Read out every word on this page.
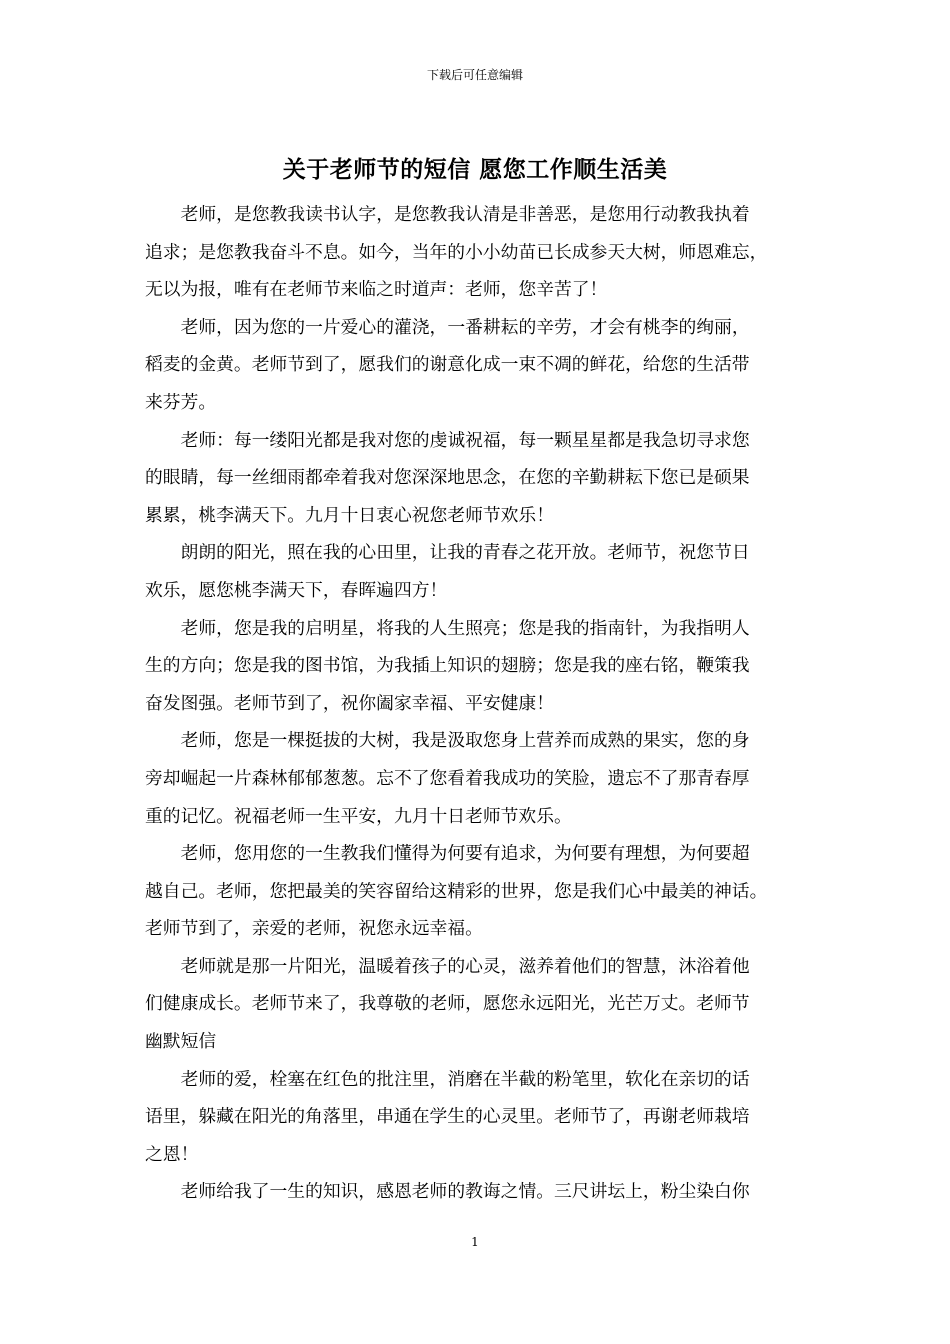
下载后可任意编辑
关于老师节的短信 愿您工作顺生活美

老师，是您教我读书认字，是您教我认清是非善恶，是您用行动教我执着
追求；是您教我奋斗不息。如今，当年的小小幼苗已长成参天大树，师恩难忘，
无以为报，唯有在老师节来临之时道声：老师，您辛苦了！

老师，因为您的一片爱心的灌浇，一番耕耘的辛劳，才会有桃李的绚丽，
稻麦的金黄。老师节到了，愿我们的谢意化成一束不凋的鲜花，给您的生活带
来芬芳。

老师：每一缕阳光都是我对您的虔诚祝福，每一颗星星都是我急切寻求您
的眼睛，每一丝细雨都牵着我对您深深地思念，在您的辛勤耕耘下您已是硕果
累累，桃李满天下。九月十日衷心祝您老师节欢乐！

朗朗的阳光，照在我的心田里，让我的青春之花开放。老师节，祝您节日
欢乐，愿您桃李满天下，春晖遍四方！

老师，您是我的启明星，将我的人生照亮；您是我的指南针，为我指明人
生的方向；您是我的图书馆，为我插上知识的翅膀；您是我的座右铭，鞭策我
奋发图强。老师节到了，祝你阖家幸福、平安健康！

老师，您是一棵挺拔的大树，我是汲取您身上营养而成熟的果实，您的身
旁却崛起一片森林郁郁葱葱。忘不了您看着我成功的笑脸，遗忘不了那青春厚
重的记忆。祝福老师一生平安，九月十日老师节欢乐。

老师，您用您的一生教我们懂得为何要有追求，为何要有理想，为何要超
越自己。老师，您把最美的笑容留给这精彩的世界，您是我们心中最美的神话。
老师节到了，亲爱的老师，祝您永远幸福。

老师就是那一片阳光，温暖着孩子的心灵，滋养着他们的智慧，沐浴着他
们健康成长。老师节来了，我尊敬的老师，愿您永远阳光，光芒万丈。老师节
幽默短信

老师的爱，栓塞在红色的批注里，消磨在半截的粉笔里，软化在亲切的话
语里，躲藏在阳光的角落里，串通在学生的心灵里。老师节了，再谢老师栽培
之恩！

老师给我了一生的知识，感恩老师的教诲之情。三尺讲坛上，粉尘染白你

1
